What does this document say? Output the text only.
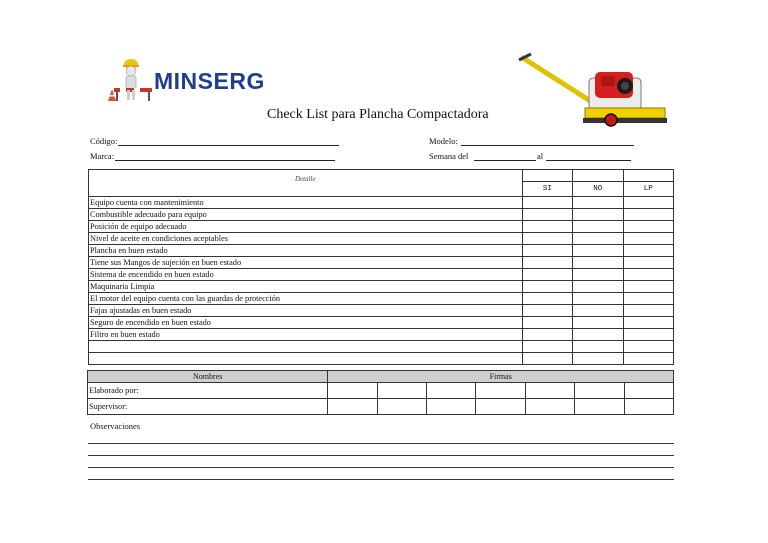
MINSERG
Check List para Plancha Compactadora
Código:
Marca:
Modelo:
Semana del	al
Detalle			
	SI	NO	LP
Equipo cuenta con mantenimiento			
Combustible adecuado para equipo			
Posición de equipo adecuado			
Nivel de aceite en condiciones aceptables			
Plancha en buen estado			
Tiene sus Mangos de sujeción en buen estado			
Sistema de encendido en buen estado			
Maquinaria Limpia			
El motor del equipo cuenta con las guardas de protección			
Fajas ajustadas en buen estado			
Seguro de encendido en buen estado			
Filtro en buen estado			

Nombres	Firmas						
Elaborado por:							
Supervisor:							
Observaciones
